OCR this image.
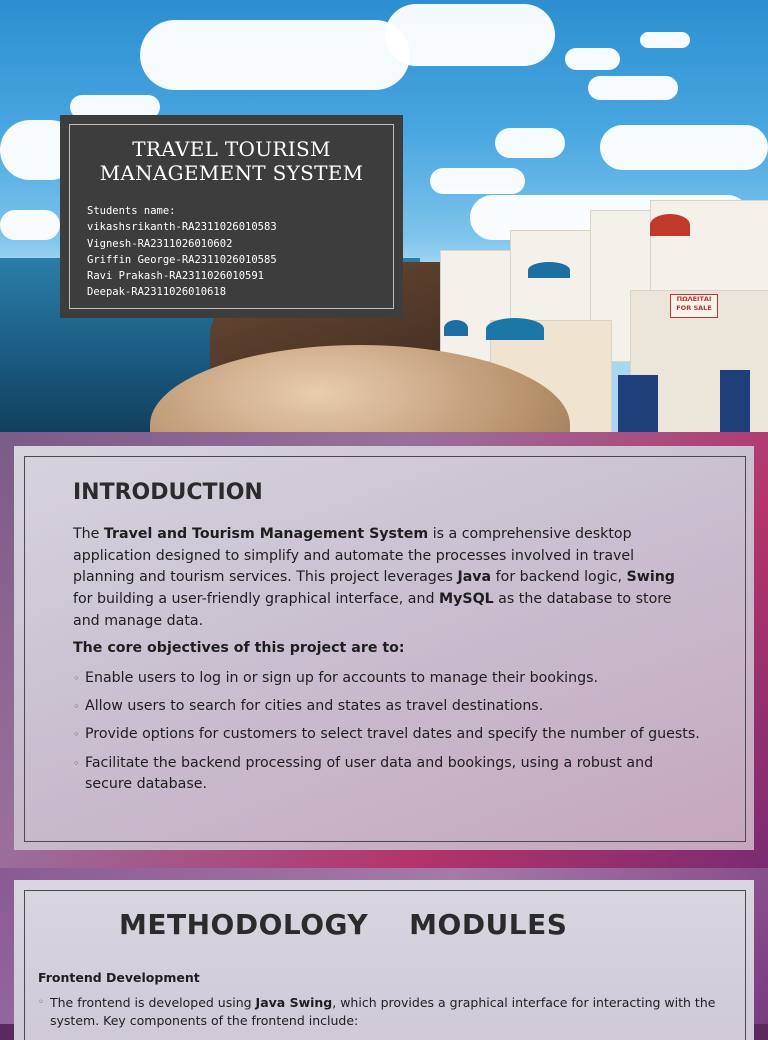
ΠΩΛΕΙΤΑΙ
FOR SALE
TRAVEL TOURISM
MANAGEMENT SYSTEM
Students name:
vikashsrikanth-RA2311026010583
Vignesh-RA2311026010602
Griffin George-RA2311026010585
Ravi Prakash-RA2311026010591
Deepak-RA2311026010618
INTRODUCTION

The Travel and Tourism Management System is a comprehensive desktop application designed to simplify and automate the processes involved in travel planning and tourism services. This project leverages Java for backend logic, Swing for building a user-friendly graphical interface, and MySQL as the database to store and manage data.

The core objectives of this project are to:
◦ Enable users to log in or sign up for accounts to manage their bookings.
◦ Allow users to search for cities and states as travel destinations.
◦ Provide options for customers to select travel dates and specify the number of guests.
◦ Facilitate the backend processing of user data and bookings, using a robust and secure database.
METHODOLOGY    MODULES
Frontend Development

◦ The frontend is developed using Java Swing, which provides a graphical interface for interacting with the system. Key components of the frontend include:
